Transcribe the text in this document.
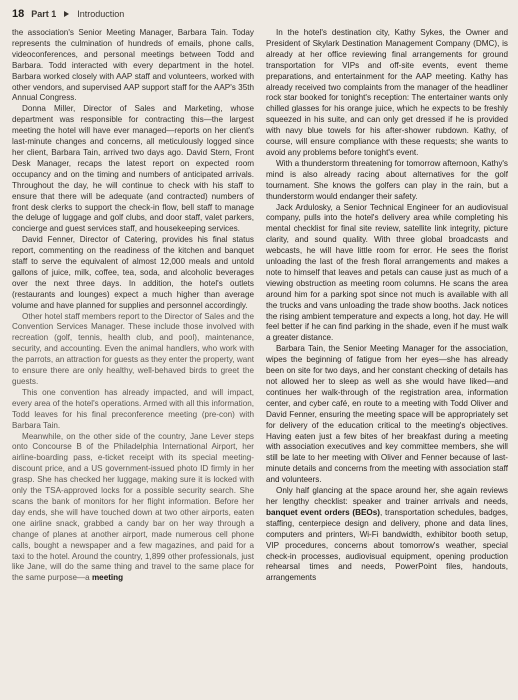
18 Part 1 Introduction

the association's Senior Meeting Manager, Barbara Tain. Today represents the culmination of hundreds of emails, phone calls, videoconferences, and personal meetings between Todd and Barbara. Todd interacted with every department in the hotel. Barbara worked closely with AAP staff and volunteers, worked with other vendors, and supervised AAP support staff for the AAP's 35th Annual Congress.

Donna Miller, Director of Sales and Marketing, whose department was responsible for contracting this—the largest meeting the hotel will have ever managed—reports on her client's last-minute changes and concerns, all meticulously logged since her client, Barbara Tain, arrived two days ago. David Stern, Front Desk Manager, recaps the latest report on expected room occupancy and on the timing and numbers of anticipated arrivals. Throughout the day, he will continue to check with his staff to ensure that there will be adequate (and contracted) numbers of front desk clerks to support the check-in flow, bell staff to manage the deluge of luggage and golf clubs, and door staff, valet parkers, concierge and guest services staff, and housekeeping services.

David Fenner, Director of Catering, provides his final status report, commenting on the readiness of the kitchen and banquet staff to serve the equivalent of almost 12,000 meals and untold gallons of juice, milk, coffee, tea, soda, and alcoholic beverages over the next three days. In addition, the hotel's outlets (restaurants and lounges) expect a much higher than average volume and have planned for supplies and personnel accordingly.

Other hotel staff members report to the Director of Sales and the Convention Services Manager. These include those involved with recreation (golf, tennis, health club, and pool), maintenance, security, and accounting. Even the animal handlers, who work with the parrots, an attraction for guests as they enter the property, want to ensure there are only healthy, well-behaved birds to greet the guests.

This one convention has already impacted, and will impact, every area of the hotel's operations. Armed with all this information, Todd leaves for his final preconference meeting (pre-con) with Barbara Tain.

Meanwhile, on the other side of the country, Jane Lever steps onto Concourse B of the Philadelphia International Airport, her airline-boarding pass, e-ticket receipt with its special meeting-discount price, and a US government-issued photo ID firmly in her grasp. She has checked her luggage, making sure it is locked with only the TSA-approved locks for a possible security search. She scans the bank of monitors for her flight information. Before her day ends, she will have touched down at two other airports, eaten one airline snack, grabbed a candy bar on her way through a change of planes at another airport, made numerous cell phone calls, bought a newspaper and a few magazines, and paid for a taxi to the hotel. Around the country, 1,899 other professionals, just like Jane, will do the same thing and travel to the same place for the same purpose—a meeting

In the hotel's destination city, Kathy Sykes, the Owner and President of Skylark Destination Management Company (DMC), is already at her office reviewing final arrangements for ground transportation for VIPs and off-site events, event theme preparations, and entertainment for the AAP meeting. Kathy has already received two complaints from the manager of the headliner rock star booked for tonight's reception: The entertainer wants only chilled glasses for his orange juice, which he expects to be freshly squeezed in his suite, and can only get dressed if he is provided with navy blue towels for his after-shower rubdown. Kathy, of course, will ensure compliance with these requests; she wants to avoid any problems before tonight's event.

With a thunderstorm threatening for tomorrow afternoon, Kathy's mind is also already racing about alternatives for the golf tournament. She knows the golfers can play in the rain, but a thunderstorm would endanger their safety.

Jack Ardulosky, a Senior Technical Engineer for an audiovisual company, pulls into the hotel's delivery area while completing his mental checklist for final site review, satellite link integrity, picture clarity, and sound quality. With three global broadcasts and webcasts, he will have little room for error. He sees the florist unloading the last of the fresh floral arrangements and makes a note to himself that leaves and petals can cause just as much of a viewing obstruction as meeting room columns. He scans the area around him for a parking spot since not much is available with all the trucks and vans unloading the trade show booths. Jack notices the rising ambient temperature and expects a long, hot day. He will feel better if he can find parking in the shade, even if he must walk a greater distance.

Barbara Tain, the Senior Meeting Manager for the association, wipes the beginning of fatigue from her eyes—she has already been on site for two days, and her constant checking of details has not allowed her to sleep as well as she would have liked—and continues her walk-through of the registration area, information center, and cyber café, en route to a meeting with Todd Oliver and David Fenner, ensuring the meeting space will be appropriately set for delivery of the education critical to the meeting's objectives. Having eaten just a few bites of her breakfast during a meeting with association executives and key committee members, she will still be late to her meeting with Oliver and Fenner because of last-minute details and concerns from the meeting with association staff and volunteers.

Only half glancing at the space around her, she again reviews her lengthy checklist: speaker and trainer arrivals and needs, banquet event orders (BEOs), transportation schedules, badges, staffing, centerpiece design and delivery, phone and data lines, computers and printers, Wi-Fi bandwidth, exhibitor booth setup, VIP procedures, concerns about tomorrow's weather, special check-in processes, audiovisual equipment, opening production rehearsal times and needs, PowerPoint files, handouts, arrangements
